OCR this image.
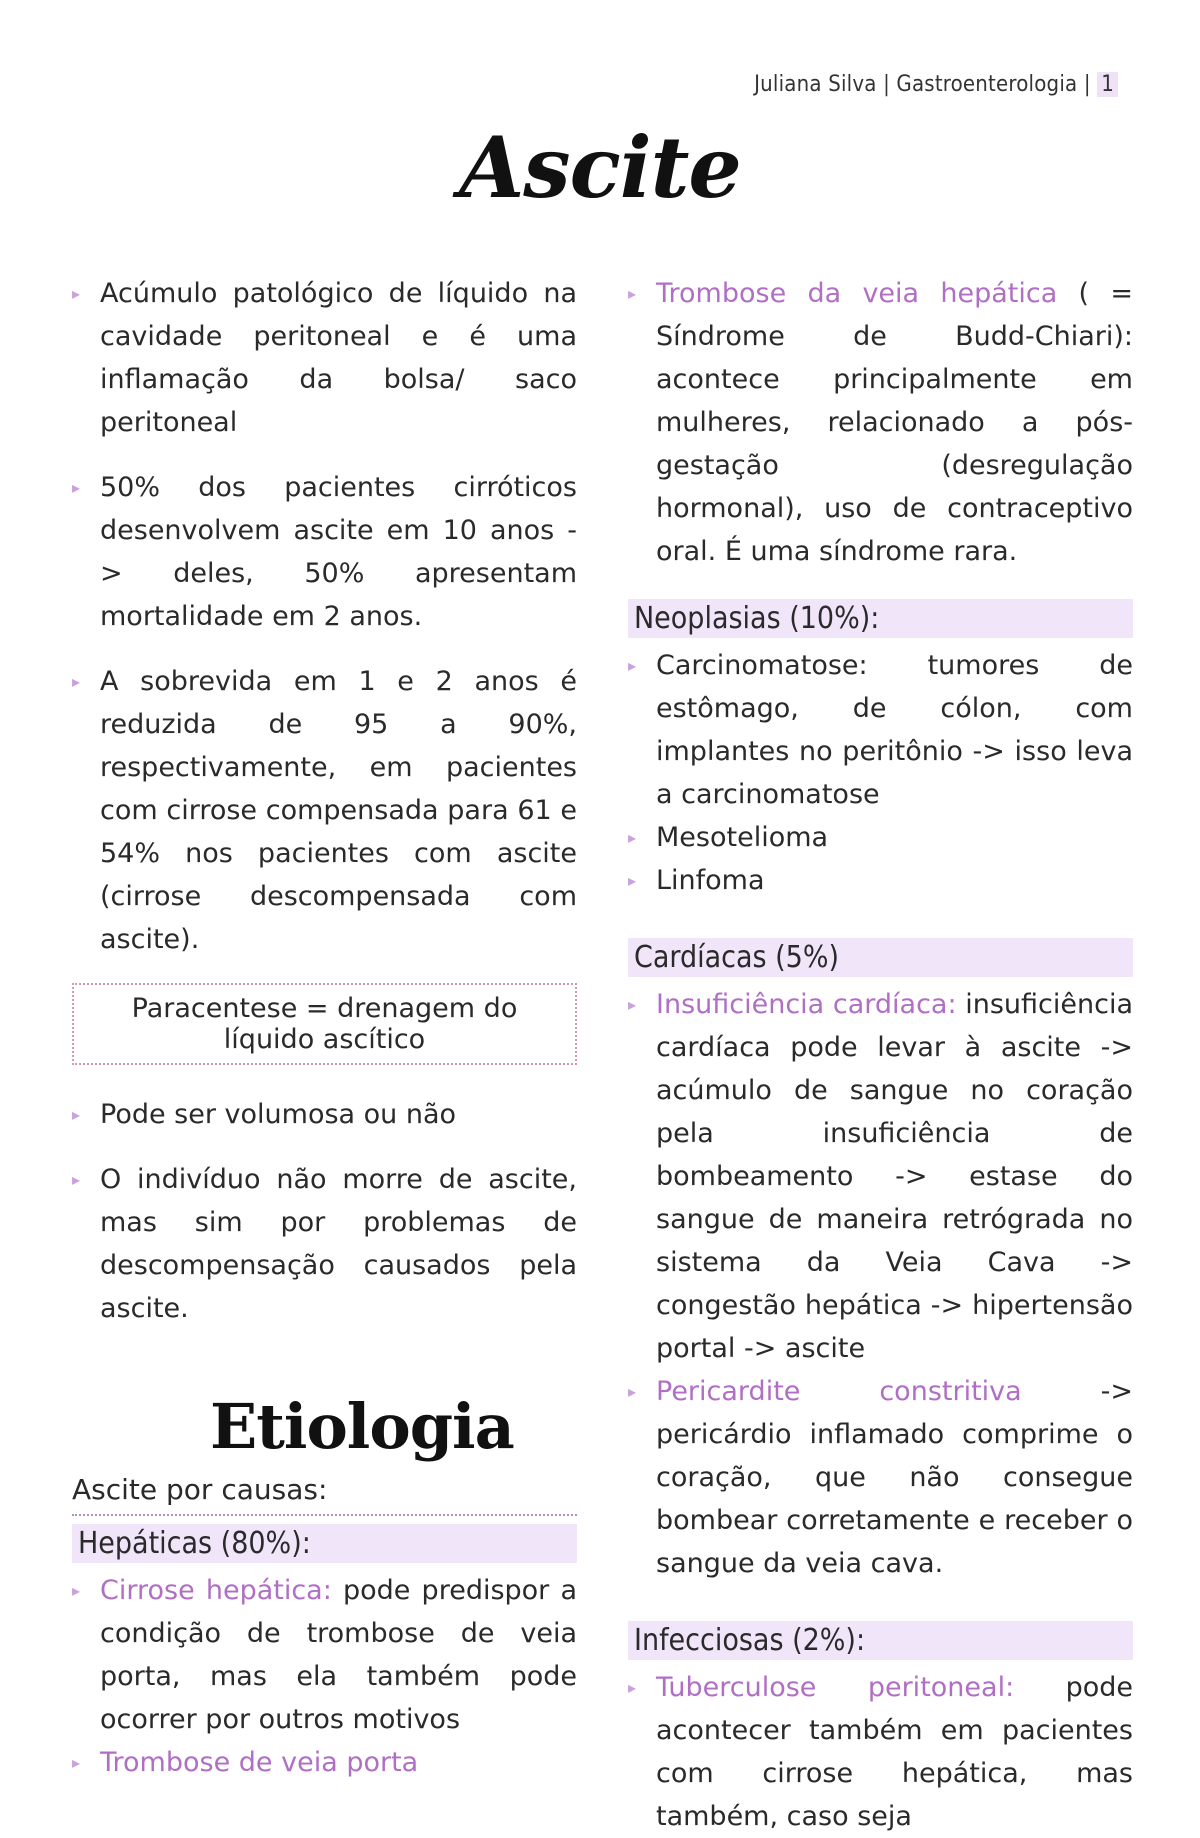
Juliana Silva | Gastroenterologia | 1
Ascite

▸ Acúmulo patológico de líquido na cavidade peritoneal e é uma inflamação da bolsa/ saco peritoneal

▸ 50% dos pacientes cirróticos desenvolvem ascite em 10 anos -> deles, 50% apresentam mortalidade em 2 anos.

▸ A sobrevida em 1 e 2 anos é reduzida de 95 a 90%, respectivamente, em pacientes com cirrose compensada para 61 e 54% nos pacientes com ascite (cirrose descompensada com ascite).

Paracentese = drenagem do líquido ascítico

▸ Pode ser volumosa ou não

▸ O indivíduo não morre de ascite, mas sim por problemas de descompensação causados pela ascite.

Etiologia
Ascite por causas:
Hepáticas (80%):

▸ Cirrose hepática: pode predispor a condição de trombose de veia porta, mas ela também pode ocorrer por outros motivos

▸ Trombose de veia porta

▸ Trombose da veia hepática ( = Síndrome de Budd-Chiari): acontece principalmente em mulheres, relacionado a pós-gestação (desregulação hormonal), uso de contraceptivo oral. É uma síndrome rara.

Neoplasias (10%):

▸ Carcinomatose: tumores de estômago, de cólon, com implantes no peritônio -> isso leva a carcinomatose

▸ Mesotelioma

▸ Linfoma

Cardíacas (5%)

▸ Insuficiência cardíaca: insuficiência cardíaca pode levar à ascite -> acúmulo de sangue no coração pela insuficiência de bombeamento -> estase do sangue de maneira retrógrada no sistema da Veia Cava -> congestão hepática -> hipertensão portal -> ascite

▸ Pericardite constritiva -> pericárdio inflamado comprime o coração, que não consegue bombear corretamente e receber o sangue da veia cava.

Infecciosas (2%):

▸ Tuberculose peritoneal: pode acontecer também em pacientes com cirrose hepática, mas também, caso seja
